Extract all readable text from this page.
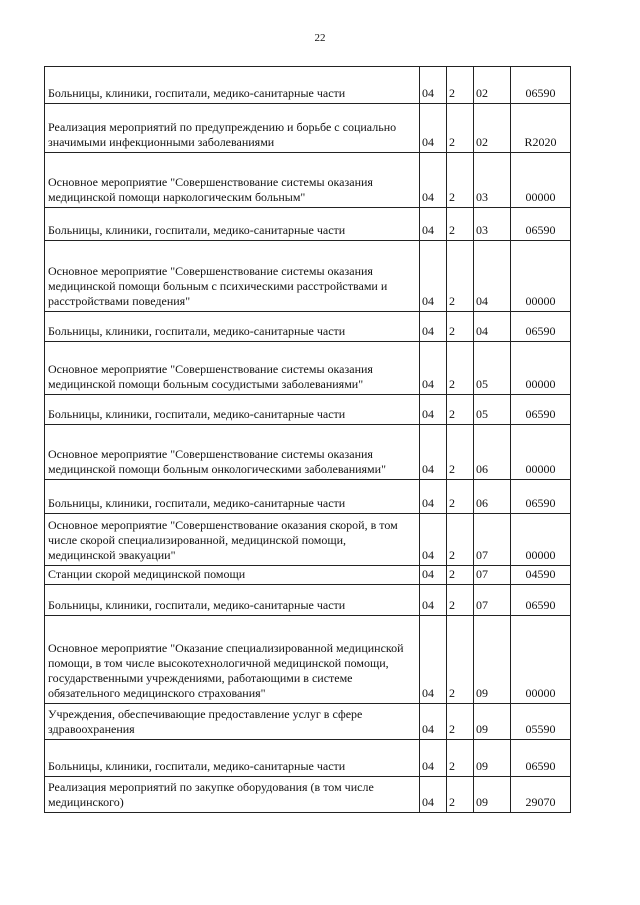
22
Больницы, клиники, госпитали, медико-санитарные части	04	2	02	06590
Реализация мероприятий по предупреждению и борьбе с социально значимыми инфекционными заболеваниями	04	2	02	R2020
Основное мероприятие "Совершенствование системы оказания медицинской помощи наркологическим больным"	04	2	03	00000
Больницы, клиники, госпитали, медико-санитарные части	04	2	03	06590
Основное мероприятие "Совершенствование системы оказания медицинской помощи больным с психическими расстройствами и расстройствами поведения"	04	2	04	00000
Больницы, клиники, госпитали, медико-санитарные части	04	2	04	06590
Основное мероприятие "Совершенствование системы оказания медицинской помощи больным сосудистыми заболеваниями"	04	2	05	00000
Больницы, клиники, госпитали, медико-санитарные части	04	2	05	06590
Основное мероприятие "Совершенствование системы оказания медицинской помощи больным онкологическими заболеваниями"	04	2	06	00000
Больницы, клиники, госпитали, медико-санитарные части	04	2	06	06590
Основное мероприятие "Совершенствование оказания скорой, в том числе скорой специализированной, медицинской помощи, медицинской эвакуации"	04	2	07	00000
Станции скорой медицинской помощи	04	2	07	04590
Больницы, клиники, госпитали, медико-санитарные части	04	2	07	06590
Основное мероприятие "Оказание специализированной медицинской помощи, в том числе высокотехнологичной медицинской помощи, государственными учреждениями, работающими в системе обязательного медицинского страхования"	04	2	09	00000
Учреждения, обеспечивающие предоставление услуг в сфере здравоохранения	04	2	09	05590
Больницы, клиники, госпитали, медико-санитарные части	04	2	09	06590
Реализация мероприятий по закупке оборудования (в том числе медицинского)	04	2	09	29070
